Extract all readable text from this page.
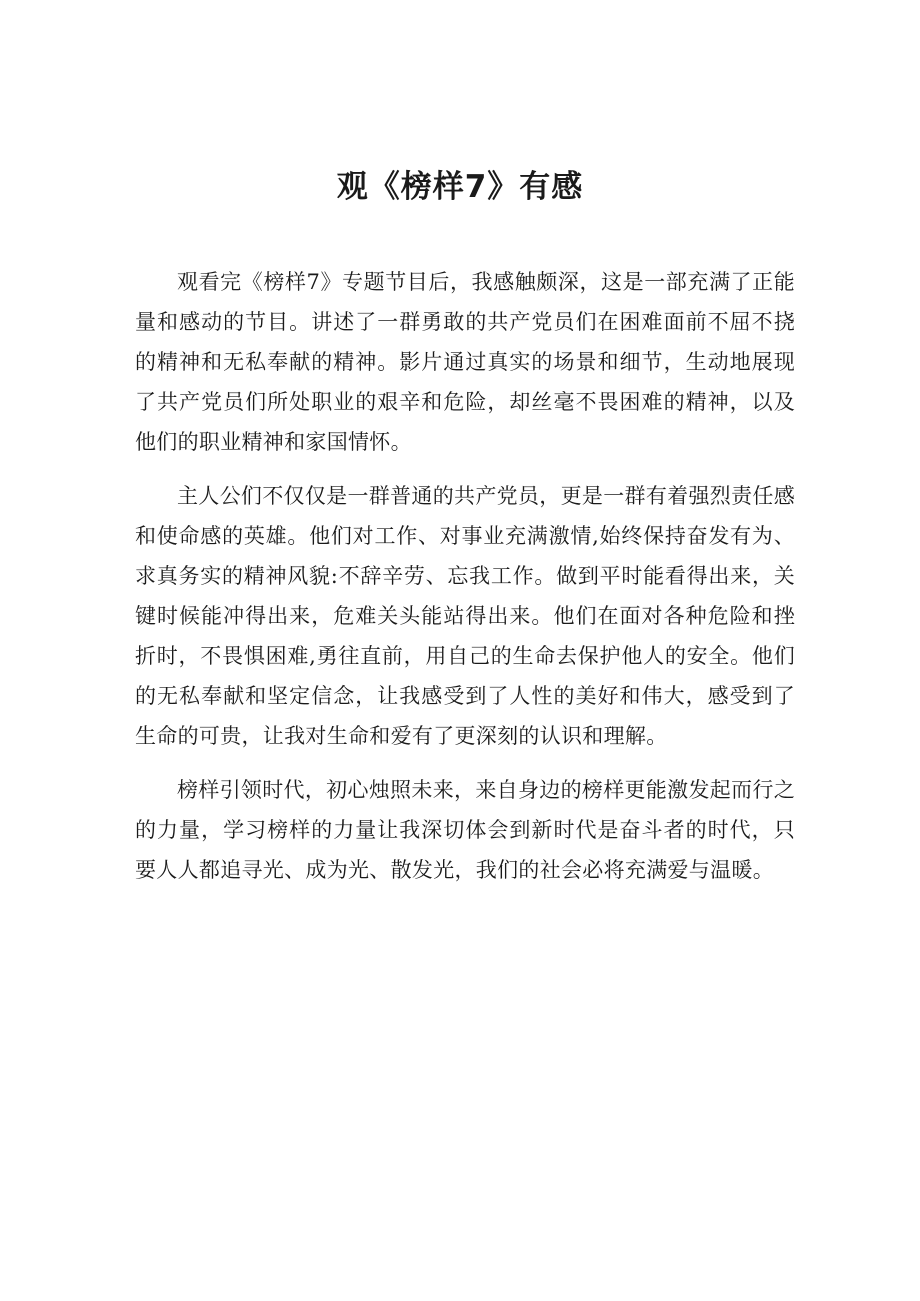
观《榜样7》有感

观看完《榜样7》专题节目后，我感触颇深，这是一部充满了正能量和感动的节目。讲述了一群勇敢的共产党员们在困难面前不屈不挠的精神和无私奉献的精神。影片通过真实的场景和细节，生动地展现了共产党员们所处职业的艰辛和危险，却丝毫不畏困难的精神，以及他们的职业精神和家国情怀。

主人公们不仅仅是一群普通的共产党员，更是一群有着强烈责任感和使命感的英雄。他们对工作、对事业充满激情,始终保持奋发有为、求真务实的精神风貌:不辞辛劳、忘我工作。做到平时能看得出来，关键时候能冲得出来，危难关头能站得出来。他们在面对各种危险和挫折时，不畏惧困难,勇往直前，用自己的生命去保护他人的安全。他们的无私奉献和坚定信念，让我感受到了人性的美好和伟大，感受到了生命的可贵，让我对生命和爱有了更深刻的认识和理解。

榜样引领时代，初心烛照未来，来自身边的榜样更能激发起而行之的力量，学习榜样的力量让我深切体会到新时代是奋斗者的时代，只要人人都追寻光、成为光、散发光，我们的社会必将充满爱与温暖。
